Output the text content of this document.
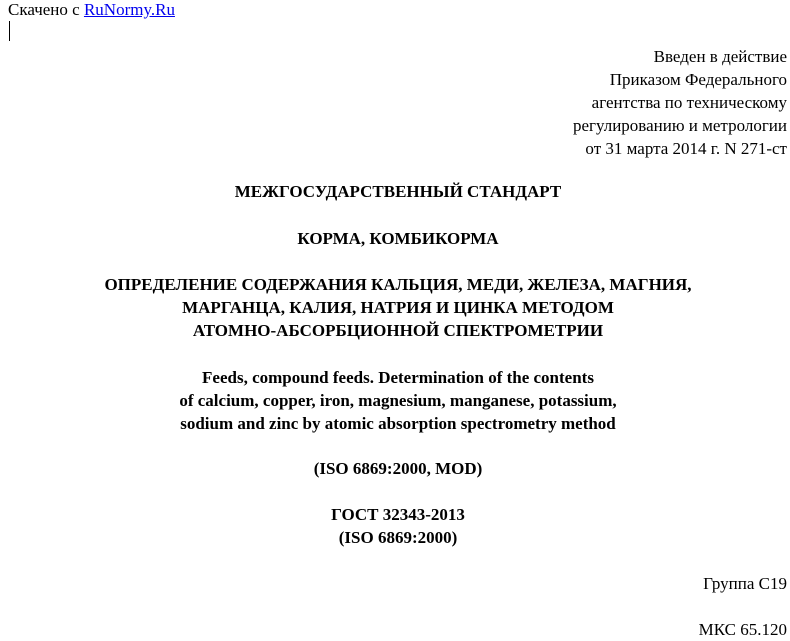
Скачено с RuNormy.Ru
Введен в действие
Приказом Федерального
агентства по техническому
регулированию и метрологии
от 31 марта 2014 г. N 271-ст
МЕЖГОСУДАРСТВЕННЫЙ СТАНДАРТ
КОРМА, КОМБИКОРМА
ОПРЕДЕЛЕНИЕ СОДЕРЖАНИЯ КАЛЬЦИЯ, МЕДИ, ЖЕЛЕЗА, МАГНИЯ,
МАРГАНЦА, КАЛИЯ, НАТРИЯ И ЦИНКА МЕТОДОМ
АТОМНО-АБСОРБЦИОННОЙ СПЕКТРОМЕТРИИ
Feeds, compound feeds. Determination of the contents
of calcium, copper, iron, magnesium, manganese, potassium,
sodium and zinc by atomic absorption spectrometry method
(ISO 6869:2000, MOD)
ГОСТ 32343-2013
(ISO 6869:2000)
Группа С19
МКС 65.120
